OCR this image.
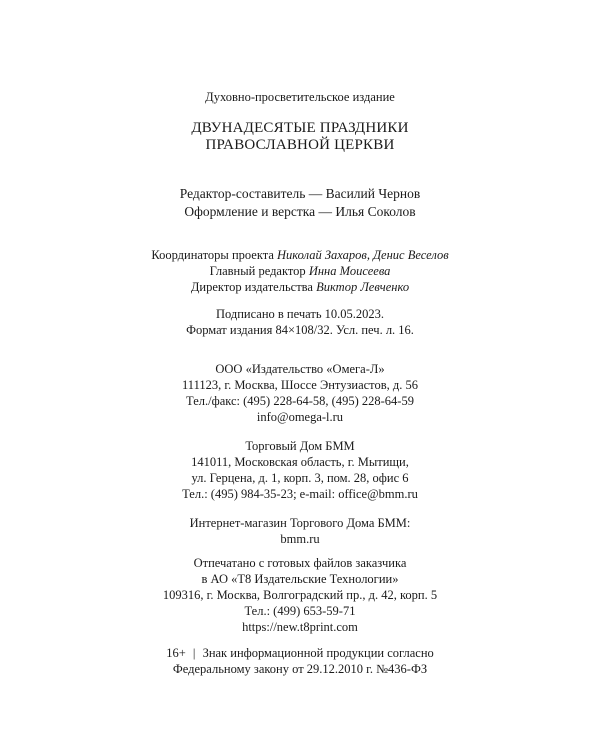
Духовно-просветительское издание
ДВУНАДЕСЯТЫЕ ПРАЗДНИКИ
ПРАВОСЛАВНОЙ ЦЕРКВИ
Редактор-составитель — Василий Чернов
Оформление и верстка — Илья Соколов
Координаторы проекта Николай Захаров, Денис Веселов
Главный редактор Инна Моисеева
Директор издательства Виктор Левченко
Подписано в печать 10.05.2023.
Формат издания 84×108/32. Усл. печ. л. 16.
ООО «Издательство «Омега-Л»
111123, г. Москва, Шоссе Энтузиастов, д. 56
Тел./факс: (495) 228-64-58, (495) 228-64-59
info@omega-l.ru
Торговый Дом БММ
141011, Московская область, г. Мытищи,
ул. Герцена, д. 1, корп. 3, пом. 28, офис 6
Тел.: (495) 984-35-23; e-mail: office@bmm.ru
Интернет-магазин Торгового Дома БММ:
bmm.ru
Отпечатано с готовых файлов заказчика
в АО «Т8 Издательские Технологии»
109316, г. Москва, Волгоградский пр., д. 42, корп. 5
Тел.: (499) 653-59-71
https://new.t8print.com
16+ | Знак информационной продукции согласно
Федеральному закону от 29.12.2010 г. №436-ФЗ
